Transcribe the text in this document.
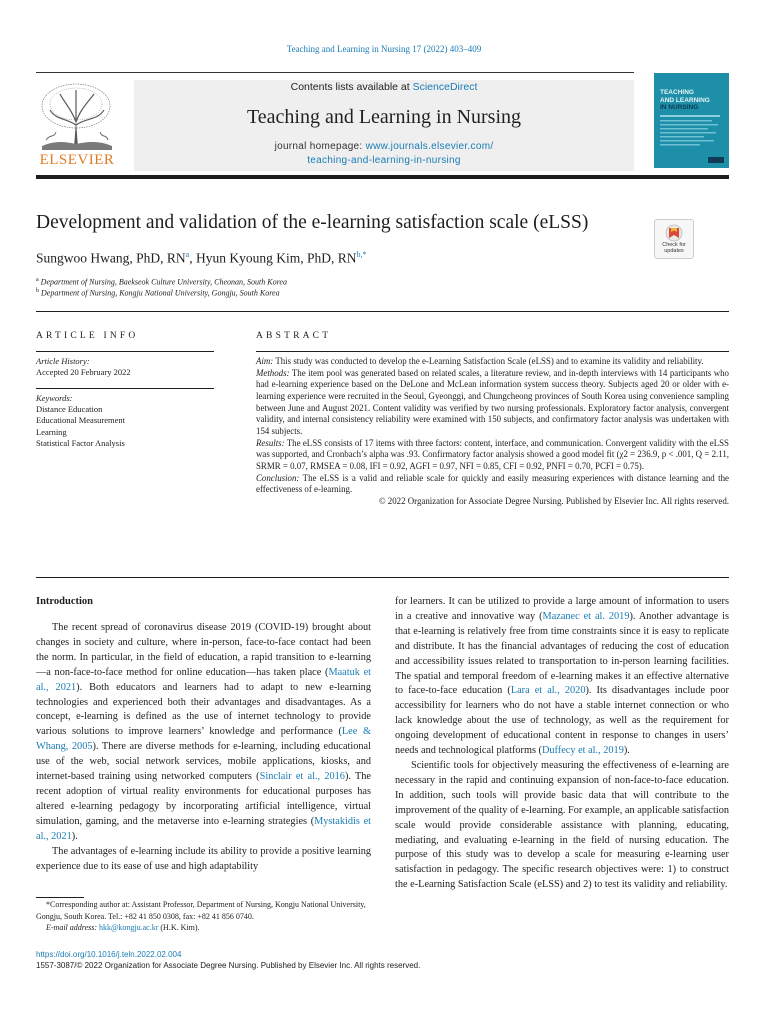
Teaching and Learning in Nursing 17 (2022) 403–409
ELSEVIER
Contents lists available at ScienceDirect
Teaching and Learning in Nursing
journal homepage: www.journals.elsevier.com/
teaching-and-learning-in-nursing
TEACHING
AND LEARNING
IN NURSING
Development and validation of the e-learning satisfaction scale (eLSS)
Check for updates
Sungwoo Hwang, PhD, $RN^a$, Hyun Kyoung Kim, PhD, $RN^{b,*}$
$^a$ Department of Nursing, Baekseok Culture University, Cheonan, South Korea
$^b$ Department of Nursing, Kongju National University, Gongju, South Korea
ARTICLE INFO
Article History:
Accepted 20 February 2022
Keywords:
Distance Education
Educational Measurement
Learning
Statistical Factor Analysis
ABSTRACT

Aim: This study was conducted to develop the e-Learning Satisfaction Scale (eLSS) and to examine its validity and reliability.

Methods: The item pool was generated based on related scales, a literature review, and in-depth interviews with 14 participants who had e-learning experience based on the DeLone and McLean information system success theory. Subjects aged 20 or older with e-learning experience were recruited in the Seoul, Gyeonggi, and Chungcheong provinces of South Korea using convenience sampling between June and August 2021. Content validity was verified by two nursing professionals. Exploratory factor analysis, convergent validity, and internal consistency reliability were examined with 150 subjects, and confirmatory factor analysis was undertaken with 154 subjects.

Results: The eLSS consists of 17 items with three factors: content, interface, and communication. Convergent validity with the eLSS was supported, and Cronbach’s alpha was .93. Confirmatory factor analysis showed a good model fit (χ2 = 236.9, p < .001, Q = 2.11, SRMR = 0.07, RMSEA = 0.08, IFI = 0.92, AGFI = 0.97, NFI = 0.85, CFI = 0.92, PNFI = 0.70, PCFI = 0.75).

Conclusion: The eLSS is a valid and reliable scale for quickly and easily measuring experiences with distance learning and the effectiveness of e-learning.

© 2022 Organization for Associate Degree Nursing. Published by Elsevier Inc. All rights reserved.

Introduction

The recent spread of coronavirus disease 2019 (COVID-19) brought about changes in society and culture, where in-person, face-to-face contact had been the norm. In particular, in the field of education, a rapid transition to e-learning—a non-face-to-face method for online education—has taken place (Maatuk et al., 2021). Both educators and learners had to adapt to new e-learning technologies and experienced both their advantages and disadvantages. As a concept, e-learning is defined as the use of internet technology to provide various solutions to improve learners’ knowledge and performance (Lee & Whang, 2005). There are diverse methods for e-learning, including educational use of the web, social network services, mobile applications, kiosks, and internet-based training using networked computers (Sinclair et al., 2016). The recent adoption of virtual reality environments for educational purposes has altered e-learning pedagogy by incorporating artificial intelligence, virtual simulation, gaming, and the metaverse into e-learning strategies (Mystakidis et al., 2021).

The advantages of e-learning include its ability to provide a positive learning experience due to its ease of use and high adaptability

for learners. It can be utilized to provide a large amount of information to users in a creative and innovative way (Mazanec et al. 2019). Another advantage is that e-learning is relatively free from time constraints since it is easy to replicate and distribute. It has the financial advantages of reducing the cost of education and accessibility issues related to transportation to in-person learning facilities. The spatial and temporal freedom of e-learning makes it an effective alternative to face-to-face education (Lara et al., 2020). Its disadvantages include poor accessibility for learners who do not have a stable internet connection or who lack knowledge about the use of technology, as well as the requirement for ongoing development of educational content in response to changes in users’ needs and technological platforms (Duffecy et al., 2019).

Scientific tools for objectively measuring the effectiveness of e-learning are necessary in the rapid and continuing expansion of non-face-to-face education. In addition, such tools will provide basic data that will contribute to the improvement of the quality of e-learning. For example, an applicable satisfaction scale would provide considerable assistance with planning, educating, mediating, and evaluating e-learning in the field of nursing education. The purpose of this study was to develop a scale for measuring e-learning user satisfaction in pedagogy. The specific research objectives were: 1) to construct the e-Learning Satisfaction Scale (eLSS) and 2) to test its validity and reliability.

*Corresponding author at: Assistant Professor, Department of Nursing, Kongju National University, Gongju, South Korea. Tel.: +82 41 850 0308, fax: +82 41 856 0740.

E-mail address: hkk@kongju.ac.kr (H.K. Kim).

https://doi.org/10.1016/j.teln.2022.02.004
1557-3087/© 2022 Organization for Associate Degree Nursing. Published by Elsevier Inc. All rights reserved.
